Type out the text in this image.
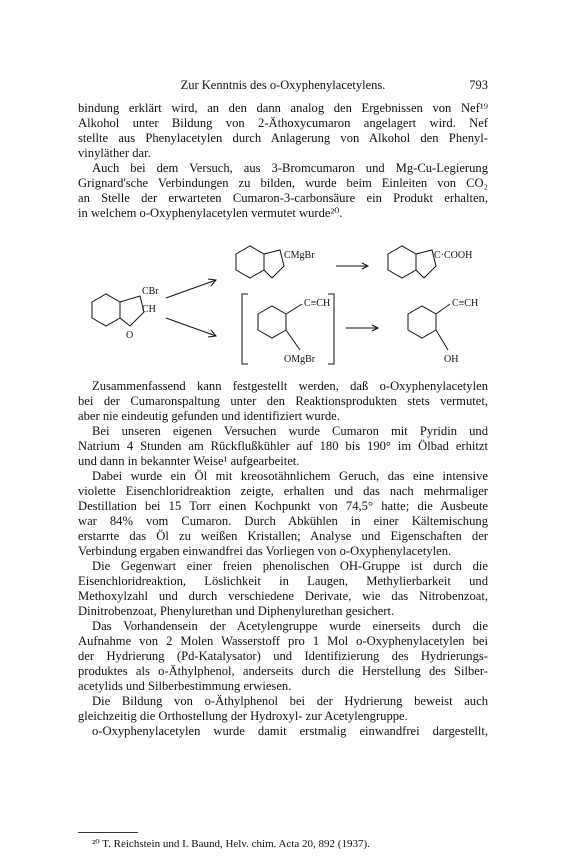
Zur Kenntnis des o-Oxyphenylacetylens.	793

bindung erklärt wird, an den dann analog den Ergebnissen von Nef¹⁹
Alkohol unter Bildung von 2-Äthoxycumaron angelagert wird. Nef
stellte aus Phenylacetylen durch Anlagerung von Alkohol den Phenyl-
vinyläther dar.

Auch bei dem Versuch, aus 3-Bromcumaron und Mg-Cu-Legierung
Grignard'sche Verbindungen zu bilden, wurde beim Einleiten von CO₂
an Stelle der erwarteten Cumaron-3-carbonsäure ein Produkt erhalten,
in welchem o-Oxyphenylacetylen vermutet wurde²⁰.

CBr
CH
O
CMgBr	C·COOH
C≡CH	C≡CH
OMgBr	OH

Zusammenfassend kann festgestellt werden, daß o-Oxyphenylacetylen
bei der Cumaronspaltung unter den Reaktionsprodukten stets vermutet,
aber nie eindeutig gefunden und identifiziert wurde.

Bei unseren eigenen Versuchen wurde Cumaron mit Pyridin und
Natrium 4 Stunden am Rückflußkühler auf 180 bis 190° im Ölbad erhitzt
und dann in bekannter Weise¹ aufgearbeitet.

Dabei wurde ein Öl mit kreosotähnlichem Geruch, das eine intensive
violette Eisenchloridreaktion zeigte, erhalten und das nach mehrmaliger
Destillation bei 15 Torr einen Kochpunkt von 74,5° hatte; die Ausbeute
war 84% vom Cumaron. Durch Abkühlen in einer Kältemischung
erstarrte das Öl zu weißen Kristallen; Analyse und Eigenschaften der
Verbindung ergaben einwandfrei das Vorliegen von o-Oxyphenylacetylen.

Die Gegenwart einer freien phenolischen OH-Gruppe ist durch die
Eisenchloridreaktion, Löslichkeit in Laugen, Methylierbarkeit und
Methoxylzahl und durch verschiedene Derivate, wie das Nitrobenzoat,
Dinitrobenzoat, Phenylurethan und Diphenylurethan gesichert.

Das Vorhandensein der Acetylengruppe wurde einerseits durch die
Aufnahme von 2 Molen Wasserstoff pro 1 Mol o-Oxyphenylacetylen bei
der Hydrierung (Pd-Katalysator) und Identifizierung des Hydrierungs-
produktes als o-Äthylphenol, anderseits durch die Herstellung des Silber-
acetylids und Silberbestimmung erwiesen.

Die Bildung von o-Äthylphenol bei der Hydrierung beweist auch
gleichzeitig die Orthostellung der Hydroxyl- zur Acetylengruppe.

o-Oxyphenylacetylen wurde damit erstmalig einwandfrei dargestellt,

²⁰ T. Reichstein und I. Baund, Helv. chim. Acta 20, 892 (1937).
